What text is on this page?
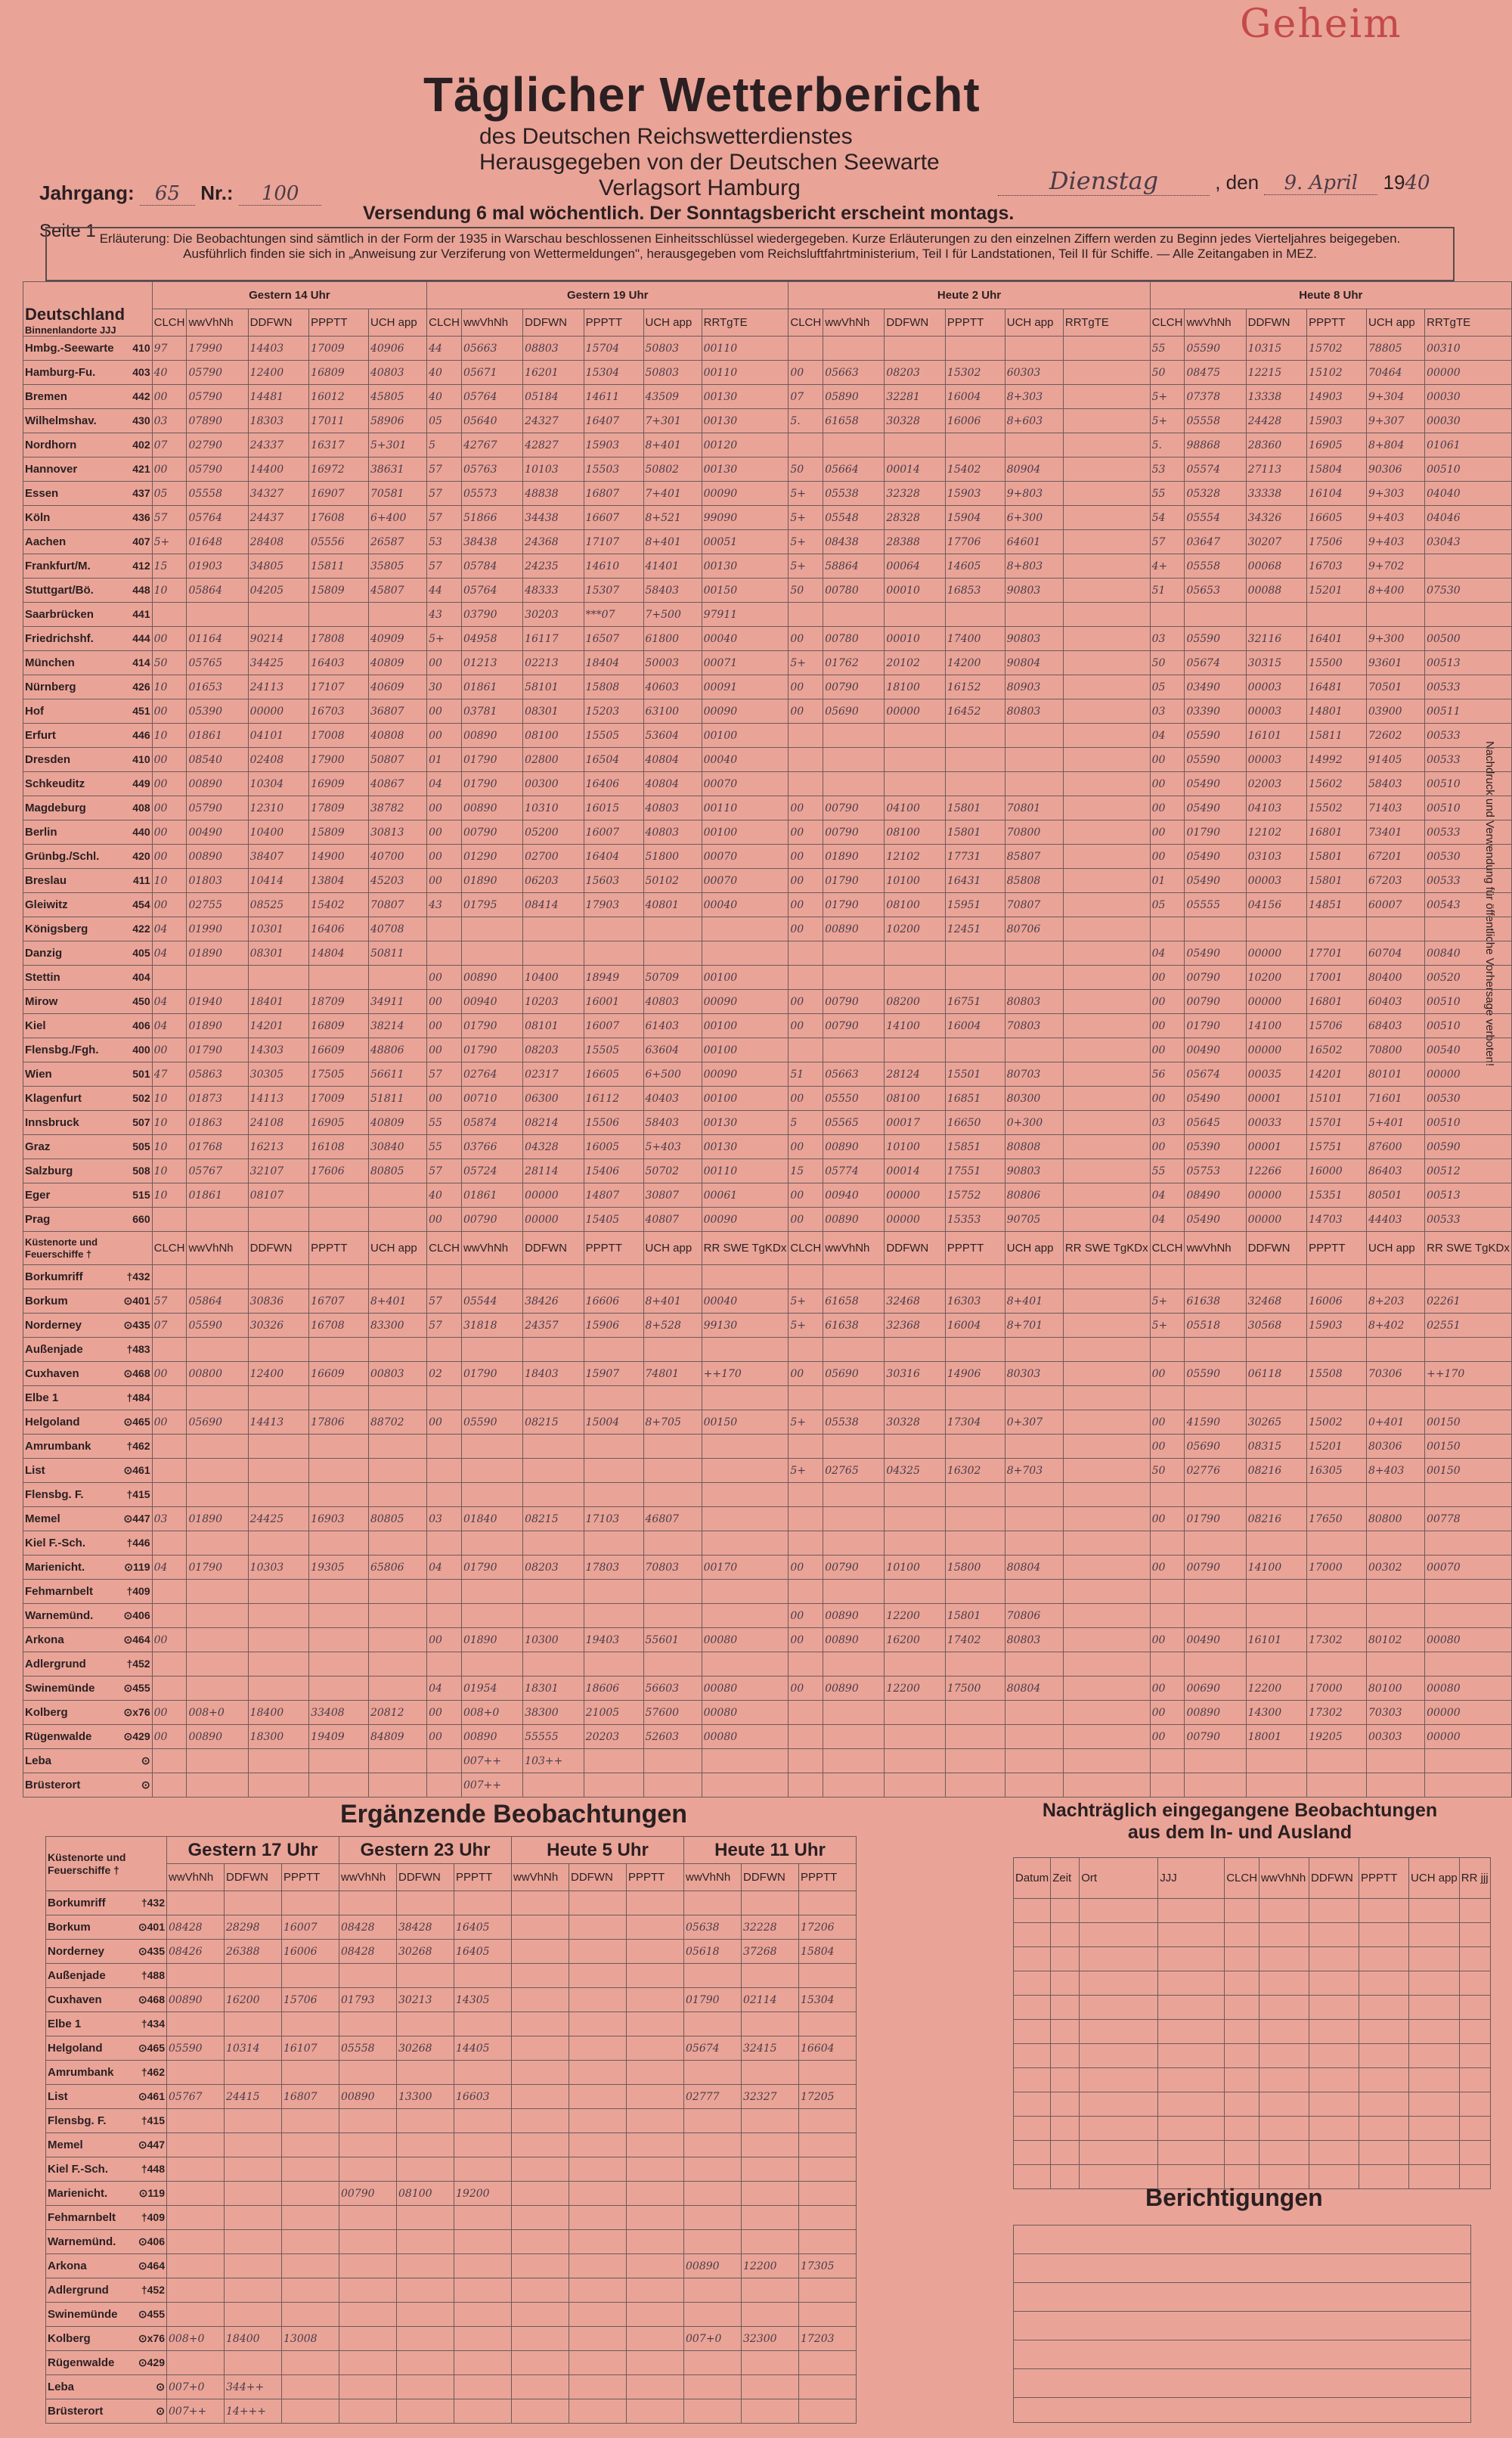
Geheim
Täglicher Wetterbericht
des Deutschen Reichswetterdienstes
Herausgegeben von der Deutschen Seewarte
Verlagsort Hamburg
Jahrgang: 65 Nr.: 100	Dienstag	, den 9. April 1940
Seite 1
Versendung 6 mal wöchentlich. Der Sonntagsbericht erscheint montags.
Erläuterung: Die Beobachtungen sind sämtlich in der Form der 1935 in Warschau beschlossenen Einheitsschlüssel wiedergegeben. Kurze Erläuterungen zu den einzelnen Ziffern werden zu Beginn jedes Vierteljahres beigegeben. Ausführlich finden sie sich in „Anweisung zur Verziferung von Wettermeldungen", herausgegeben vom Reichsluftfahrtministerium, Teil I für Landstationen, Teil II für Schiffe. — Alle Zeitangaben in MEZ.
Nachdruck und Verwendung für öffentliche Vorhersage verboten!
Deutschland
Binnenlandorte JJJ	Gestern 14 Uhr					Gestern 19 Uhr						Heute 2 Uhr						Heute 8 Uhr					
	CLCH	wwVhNh	DDFWN	PPPTT	UCH app	CLCH	wwVhNh	DDFWN	PPPTT	UCH app	RRTgTE	CLCH	wwVhNh	DDFWN	PPPTT	UCH app	RRTgTE	CLCH	wwVhNh	DDFWN	PPPTT	UCH app	RRTgTE
Hmbg.-Seewarte 410	97	17990	14403	17009	40906	44	05663	08803	15704	50803	00110							55	05590	10315	15702	78805	00310
Hamburg-Fu. 403	40	05790	12400	16809	40803	40	05671	16201	15304	50803	00110	00	05663	08203	15302	60303		50	08475	12215	15102	70464	00000
Bremen 442	00	05790	14481	16012	45805	40	05764	05184	14611	43509	00130	07	05890	32281	16004	8+303		5+	07378	13338	14903	9+304	00030
Wilhelmshav. 430	03	07890	18303	17011	58906	05	05640	24327	16407	7+301	00130	5.	61658	30328	16006	8+603		5+	05558	24428	15903	9+307	00030
Nordhorn 402	07	02790	24337	16317	5+301	5	42767	42827	15903	8+401	00120							5.	98868	28360	16905	8+804	01061
Hannover 421	00	05790	14400	16972	38631	57	05763	10103	15503	50802	00130	50	05664	00014	15402	80904		53	05574	27113	15804	90306	00510
Essen 437	05	05558	34327	16907	70581	57	05573	48838	16807	7+401	00090	5+	05538	32328	15903	9+803		55	05328	33338	16104	9+303	04040
Köln 436	57	05764	24437	17608	6+400	57	51866	34438	16607	8+521	99090	5+	05548	28328	15904	6+300		54	05554	34326	16605	9+403	04046
Aachen 407	5+	01648	28408	05556	26587	53	38438	24368	17107	8+401	00051	5+	08438	28388	17706	64601		57	03647	30207	17506	9+403	03043
Frankfurt/M. 412	15	01903	34805	15811	35805	57	05784	24235	14610	41401	00130	5+	58864	00064	14605	8+803		4+	05558	00068	16703	9+702	
Stuttgart/Bö. 448	10	05864	04205	15809	45807	44	05764	48333	15307	58403	00150	50	00780	00010	16853	90803		51	05653	00088	15201	8+400	07530
Saarbrücken 441						43	03790	30203	***07	7+500	97911												
Friedrichshf. 444	00	01164	90214	17808	40909	5+	04958	16117	16507	61800	00040	00	00780	00010	17400	90803		03	05590	32116	16401	9+300	00500
München 414	50	05765	34425	16403	40809	00	01213	02213	18404	50003	00071	5+	01762	20102	14200	90804		50	05674	30315	15500	93601	00513
Nürnberg 426	10	01653	24113	17107	40609	30	01861	58101	15808	40603	00091	00	00790	18100	16152	80903		05	03490	00003	16481	70501	00533
Hof 451	00	05390	00000	16703	36807	00	03781	08301	15203	63100	00090	00	05690	00000	16452	80803		03	03390	00003	14801	03900	00511
Erfurt 446	10	01861	04101	17008	40808	00	00890	08100	15505	53604	00100							04	05590	16101	15811	72602	00533
Dresden 410	00	08540	02408	17900	50807	01	01790	02800	16504	40804	00040							00	05590	00003	14992	91405	00533
Schkeuditz 449	00	00890	10304	16909	40867	04	01790	00300	16406	40804	00070							00	05490	02003	15602	58403	00510
Magdeburg 408	00	05790	12310	17809	38782	00	00890	10310	16015	40803	00110	00	00790	04100	15801	70801		00	05490	04103	15502	71403	00510
Berlin 440	00	00490	10400	15809	30813	00	00790	05200	16007	40803	00100	00	00790	08100	15801	70800		00	01790	12102	16801	73401	00533
Grünbg./Schl. 420	00	00890	38407	14900	40700	00	01290	02700	16404	51800	00070	00	01890	12102	17731	85807		00	05490	03103	15801	67201	00530
Breslau 411	10	01803	10414	13804	45203	00	01890	06203	15603	50102	00070	00	01790	10100	16431	85808		01	05490	00003	15801	67203	00533
Gleiwitz 454	00	02755	08525	15402	70807	43	01795	08414	17903	40801	00040	00	01790	08100	15951	70807		05	05555	04156	14851	60007	00543
Königsberg 422	04	01990	10301	16406	40708							00	00890	10200	12451	80706							
Danzig 405	04	01890	08301	14804	50811													04	05490	00000	17701	60704	00840
Stettin 404						00	00890	10400	18949	50709	00100							00	00790	10200	17001	80400	00520
Mirow 450	04	01940	18401	18709	34911	00	00940	10203	16001	40803	00090	00	00790	08200	16751	80803		00	00790	00000	16801	60403	00510
Kiel 406	04	01890	14201	16809	38214	00	01790	08101	16007	61403	00100	00	00790	14100	16004	70803		00	01790	14100	15706	68403	00510
Flensbg./Fgh. 400	00	01790	14303	16609	48806	00	01790	08203	15505	63604	00100							00	00490	00000	16502	70800	00540
Wien 501	47	05863	30305	17505	56611	57	02764	02317	16605	6+500	00090	51	05663	28124	15501	80703		56	05674	00035	14201	80101	00000
Klagenfurt 502	10	01873	14113	17009	51811	00	00710	06300	16112	40403	00100	00	05550	08100	16851	80300		00	05490	00001	15101	71601	00530
Innsbruck 507	10	01863	24108	16905	40809	55	05874	08214	15506	58403	00130	5	05565	00017	16650	0+300		03	05645	00033	15701	5+401	00510
Graz 505	10	01768	16213	16108	30840	55	03766	04328	16005	5+403	00130	00	00890	10100	15851	80808		00	05390	00001	15751	87600	00590
Salzburg 508	10	05767	32107	17606	80805	57	05724	28114	15406	50702	00110	15	05774	00014	17551	90803		55	05753	12266	16000	86403	00512
Eger 515	10	01861	08107			40	01861	00000	14807	30807	00061	00	00940	00000	15752	80806		04	08490	00000	15351	80501	00513
Prag 660						00	00790	00000	15405	40807	00090	00	00890	00000	15353	90705		04	05490	00000	14703	44403	00533

Küstenorte und Feuerschiffe †	CLCH	wwVhNh	DDFWN	PPPTT	UCH app	CLCH	wwVhNh	DDFWN	PPPTT	UCH app	RR SWE TgKDx	CLCH	wwVhNh	DDFWN	PPPTT	UCH app	RR SWE TgKDx	CLCH	wwVhNh	DDFWN	PPPTT	UCH app	RR SWE TgKDx
Borkumriff †432																							

Borkum ⊙401	57	05864	30836	16707	8+401	57	05544	38426	16606	8+401	00040	5+	61658	32468	16303	8+401		5+	61638	32468	16006	8+203	02261
Norderney ⊙435	07	05590	30326	16708	83300	57	31818	24357	15906	8+528	99130	5+	61638	32368	16004	8+701		5+	05518	30568	15903	8+402	02551
Außenjade †483																							

Cuxhaven ⊙468	00	00800	12400	16609	00803	02	01790	18403	15907	74801	++170	00	05690	30316	14906	80303		00	05590	06118	15508	70306	++170
Elbe 1 †484																							

Helgoland ⊙465	00	05690	14413	17806	88702	00	05590	08215	15004	8+705	00150	5+	05538	30328	17304	0+307		00	41590	30265	15002	0+401	00150
Amrumbank †462																		00	05690	08315	15201	80306	00150
List ⊙461												5+	02765	04325	16302	8+703		50	02776	08216	16305	8+403	00150
Flensbg. F. †415																							

Memel ⊙447	03	01890	24425	16903	80805	03	01840	08215	17103	46807								00	01790	08216	17650	80800	00778
Kiel F.-Sch. †446																							

Marienicht. ⊙119	04	01790	10303	19305	65806	04	01790	08203	17803	70803	00170	00	00790	10100	15800	80804		00	00790	14100	17000	00302	00070
Fehmarnbelt †409																							

Warnemünd. ⊙406												00	00890	12200	15801	70806							
Arkona ⊙464	00					00	01890	10300	19403	55601	00080	00	00890	16200	17402	80803		00	00490	16101	17302	80102	00080
Adlergrund †452																							

Swinemünde ⊙455						04	01954	18301	18606	56603	00080	00	00890	12200	17500	80804		00	00690	12200	17000	80100	00080
Kolberg ⊙x76	00	008+0	18400	33408	20812	00	008+0	38300	21005	57600	00080							00	00890	14300	17302	70303	00000
Rügenwalde ⊙429	00	00890	18300	19409	84809	00	00890	55555	20203	52603	00080							00	00790	18001	19205	00303	00000
Leba ⊙							007++	103++															
Brüsterort ⊙							007++																
Ergänzende Beobachtungen
Küstenorte und Feuerschiffe †	Gestern 17 Uhr			Gestern 23 Uhr			Heute 5 Uhr			Heute 11 Uhr		
	wwVhNh	DDFWN	PPPTT	wwVhNh	DDFWN	PPPTT	wwVhNh	DDFWN	PPPTT	wwVhNh	DDFWN	PPPTT
Borkumriff †432												

Borkum ⊙401	08428	28298	16007	08428	38428	16405				05638	32228	17206
Norderney ⊙435	08426	26388	16006	08428	30268	16405				05618	37268	15804
Außenjade †488												

Cuxhaven ⊙468	00890	16200	15706	01793	30213	14305				01790	02114	15304
Elbe 1 †434												

Helgoland ⊙465	05590	10314	16107	05558	30268	14405				05674	32415	16604
Amrumbank †462												

List ⊙461	05767	24415	16807	00890	13300	16603				02777	32327	17205
Flensbg. F. †415												

Memel ⊙447												

Kiel F.-Sch. †448												

Marienicht. ⊙119				00790	08100	19200						
Fehmarnbelt †409												

Warnemünd. ⊙406												

Arkona ⊙464										00890	12200	17305
Adlergrund †452												

Swinemünde ⊙455												

Kolberg ⊙x76	008+0	18400	13008							007+0	32300	17203
Rügenwalde ⊙429												

Leba ⊙	007+0	344++										
Brüsterort ⊙	007++	14+++										
Nachträglich eingegangene Beobachtungen
aus dem In- und Ausland
Datum	Zeit	Ort	JJJ	CLCH	wwVhNh	DDFWN	PPPTT	UCH app	RR jjj

Berichtigungen
